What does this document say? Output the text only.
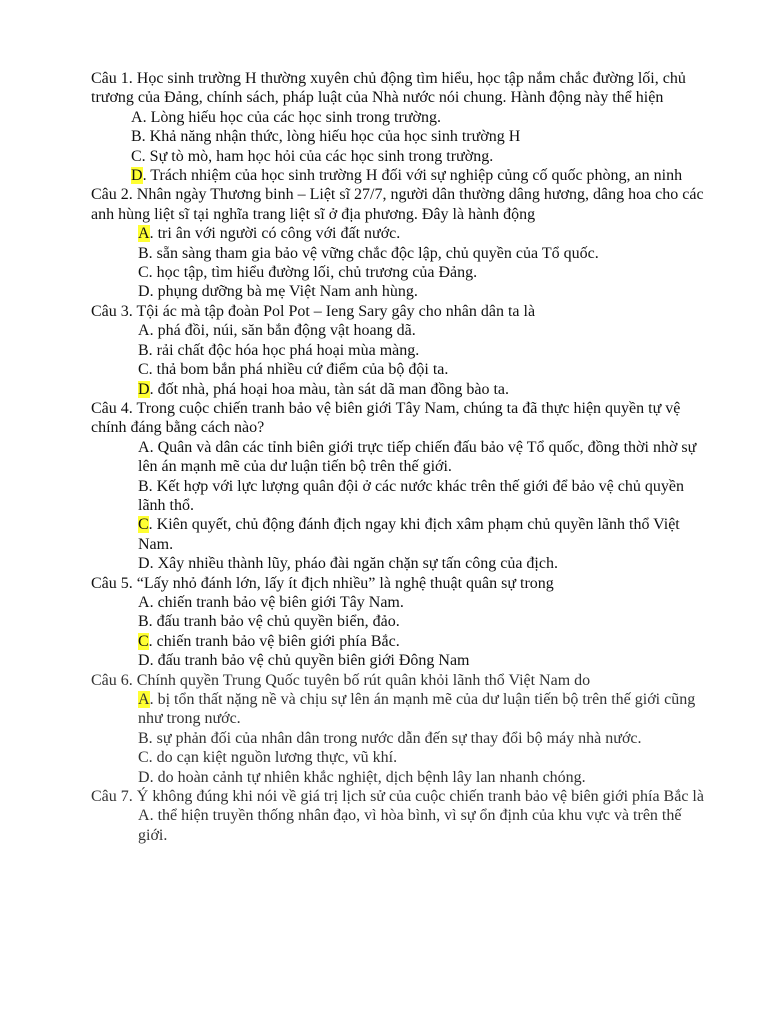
Câu 1. Học sinh trường H thường xuyên chủ động tìm hiểu, học tập nắm chắc đường lối, chủ trương của Đảng, chính sách, pháp luật của Nhà nước nói chung. Hành động này thể hiện

A. Lòng hiếu học của các học sinh trong trường.

B. Khả năng nhận thức, lòng hiếu học của học sinh trường H

C. Sự tò mò, ham học hỏi của các học sinh trong trường.

D. Trách nhiệm của học sinh trường H đối với sự nghiệp củng cố quốc phòng, an ninh

Câu 2. Nhân ngày Thương binh – Liệt sĩ 27/7, người dân thường dâng hương, dâng hoa cho các anh hùng liệt sĩ tại nghĩa trang liệt sĩ ở địa phương. Đây là hành động

A. tri ân với người có công với đất nước.

B. sẵn sàng tham gia bảo vệ vững chắc độc lập, chủ quyền của Tổ quốc.

C. học tập, tìm hiểu đường lối, chủ trương của Đảng.

D. phụng dưỡng bà mẹ Việt Nam anh hùng.

Câu 3. Tội ác mà tập đoàn Pol Pot – Ieng Sary gây cho nhân dân ta là

A. phá đồi, núi, săn bắn động vật hoang dã.

B. rải chất độc hóa học phá hoại mùa màng.

C. thả bom bắn phá nhiều cứ điểm của bộ đội ta.

D. đốt nhà, phá hoại hoa màu, tàn sát dã man đồng bào ta.

Câu 4. Trong cuộc chiến tranh bảo vệ biên giới Tây Nam, chúng ta đã thực hiện quyền tự vệ chính đáng bằng cách nào?

A. Quân và dân các tỉnh biên giới trực tiếp chiến đấu bảo vệ Tổ quốc, đồng thời nhờ sự lên án mạnh mẽ của dư luận tiến bộ trên thế giới.

B. Kết hợp với lực lượng quân đội ở các nước khác trên thế giới để bảo vệ chủ quyền lãnh thổ.

C. Kiên quyết, chủ động đánh địch ngay khi địch xâm phạm chủ quyền lãnh thổ Việt Nam.

D. Xây nhiều thành lũy, pháo đài ngăn chặn sự tấn công của địch.

Câu 5. “Lấy nhỏ đánh lớn, lấy ít địch nhiều” là nghệ thuật quân sự trong

A. chiến tranh bảo vệ biên giới Tây Nam.

B. đấu tranh bảo vệ chủ quyền biển, đảo.

C. chiến tranh bảo vệ biên giới phía Bắc.

D. đấu tranh bảo vệ chủ quyền biên giới Đông Nam

Câu 6. Chính quyền Trung Quốc tuyên bố rút quân khỏi lãnh thổ Việt Nam do

A. bị tổn thất nặng nề và chịu sự lên án mạnh mẽ của dư luận tiến bộ trên thế giới cũng như trong nước.

B. sự phản đối của nhân dân trong nước dẫn đến sự thay đổi bộ máy nhà nước.

C. do cạn kiệt nguồn lương thực, vũ khí.

D. do hoàn cảnh tự nhiên khắc nghiệt, dịch bệnh lây lan nhanh chóng.

Câu 7. Ý không đúng khi nói về giá trị lịch sử của cuộc chiến tranh bảo vệ biên giới phía Bắc là

A. thể hiện truyền thống nhân đạo, vì hòa bình, vì sự ổn định của khu vực và trên thế giới.
